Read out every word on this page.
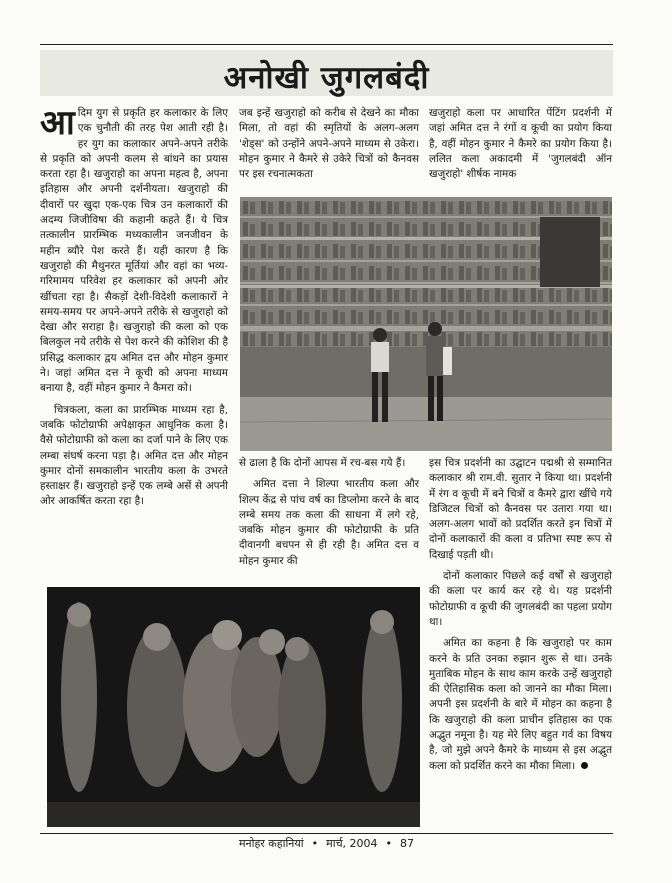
अनोखी जुगलबंदी

आदिम युग से प्रकृति हर कलाकार के लिए एक चुनौती की तरह पेश आती रही है। हर युग का कलाकार अपने-अपने तरीके से प्रकृति को अपनी कलम से बांधने का प्रयास करता रहा है। खजुराहो का अपना महत्व है, अपना इतिहास और अपनी दर्शनीयता। खजुराहो की दीवारों पर खुदा एक-एक चित्र उन कलाकारों की अदम्य जिजीविषा की कहानी कहते हैं। ये चित्र तत्कालीन प्रारम्भिक मध्यकालीन जनजीवन के महीन ब्यौरे पेश करते हैं। यही कारण है कि खजुराहो की मैथुनरत मूर्तियां और वहां का भव्य-गरिमामय परिवेश हर कलाकार को अपनी ओर खींचता रहा है। सैकड़ों देशी-विदेशी कलाकारों ने समय-समय पर अपने-अपने तरीके से खजुराहो को देखा और सराहा है। खजुराहो की कला को एक बिलकुल नये तरीके से पेश करने की कोशिश की है प्रसिद्ध कलाकार द्वय अमित दत्त और मोहन कुमार ने। जहां अमित दत्त ने कूची को अपना माध्यम बनाया है, वहीं मोहन कुमार ने कैमरा को।

चित्रकला, कला का प्रारम्भिक माध्यम रहा है, जबकि फोटोग्राफी अपेक्षाकृत आधुनिक कला है। वैसे फोटोग्राफी को कला का दर्जा पाने के लिए एक लम्बा संघर्ष करना पड़ा है। अमित दत्त और मोहन कुमार दोनों समकालीन भारतीय कला के उभरते हस्ताक्षर हैं। खजुराहो इन्हें एक लम्बे असें से अपनी ओर आकर्षित करता रहा है।

जब इन्हें खजुराहो को करीब से देखने का मौका मिला, तो वहां की स्मृतियों के अलग-अलग 'शेड्स' को उन्होंने अपने-अपने माध्यम से उकेरा। मोहन कुमार ने कैमरे से उकेरे चित्रों को कैनवस पर इस रचनात्मकता

खजुराहो कला पर आधारित पेंटिंग प्रदर्शनी में जहां अमित दत्त ने रंगों व कूची का प्रयोग किया है, वहीं मोहन कुमार ने कैमरे का प्रयोग किया है। ललित कला अकादमी में 'जुगलबंदी ऑन खजुराहो' शीर्षक नामक

से ढाला है कि दोनों आपस में रच-बस गये हैं।

अमित दत्ता ने शिल्पा भारतीय कला और शिल्प केंद्र से पांच वर्ष का डिप्लोमा करने के बाद लम्बे समय तक कला की साधना में लगे रहे, जबकि मोहन कुमार की फोटोग्राफी के प्रति दीवानगी बचपन से ही रही है। अमित दत्त व मोहन कुमार की

इस चित्र प्रदर्शनी का उद्घाटन पद्मश्री से सम्मानित कलाकार श्री राम.वी. सुतार ने किया था। प्रदर्शनी में रंग व कूची में बने चित्रों व कैमरे द्वारा खींचे गये डिजिटल चित्रों को कैनवस पर उतारा गया था। अलग-अलग भावों को प्रदर्शित करते इन चित्रों में दोनों कलाकारों की कला व प्रतिभा स्पष्ट रूप से दिखाई पड़ती थी।

दोनों कलाकार पिछले कई वर्षों से खजुराहो की कला पर कार्य कर रहे थे। यह प्रदर्शनी फोटोग्राफी व कूची की जुगलबंदी का पहला प्रयोग था।

अमित का कहना है कि खजुराहो पर काम करने के प्रति उनका रुझान शुरू से था। उनके मुताबिक मोहन के साथ काम करके उन्हें खजुराहो की ऐतिहासिक कला को जानने का मौका मिला। अपनी इस प्रदर्शनी के बारे में मोहन का कहना है कि खजुराहो की कला प्राचीन इतिहास का एक अद्भुत नमूना है। यह मेरे लिए बहुत गर्व का विषय है, जो मुझे अपने कैमरे के माध्यम से इस अद्भुत कला को प्रदर्शित करने का मौका मिला।

मनोहर कहानियां • मार्च, 2004 • 87
